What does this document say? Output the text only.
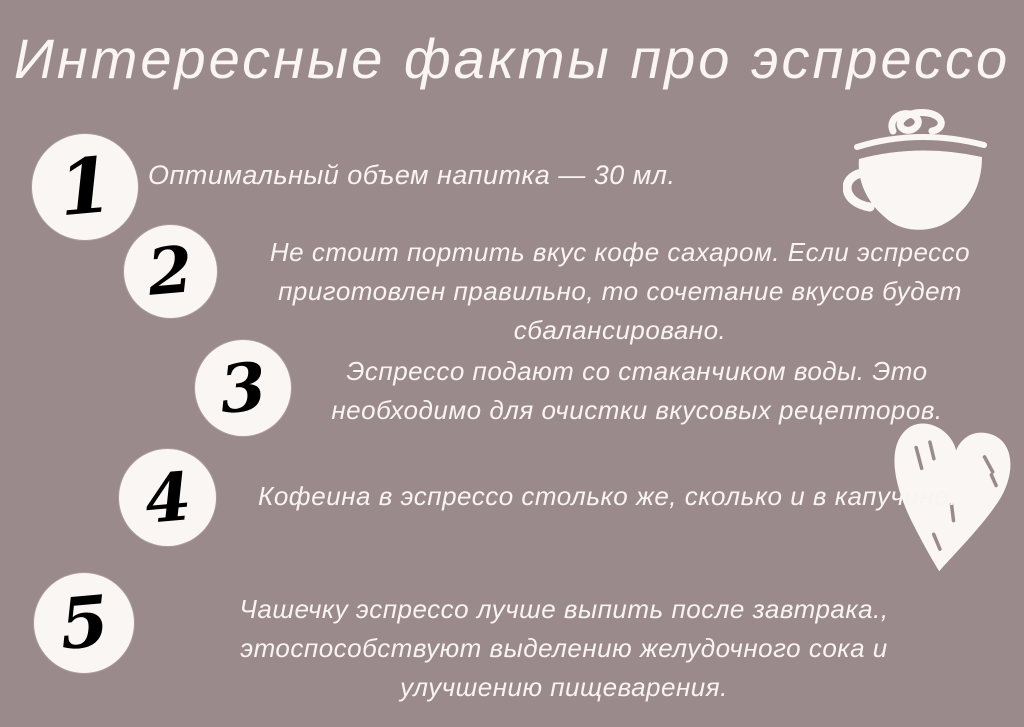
Интересные факты про эспрессо
1 Оптимальный объем напитка — 30 мл.

2	Не стоит портить вкус кофе сахаром. Если эспрессо приготовлен правильно, то сочетание вкусов будет сбалансировано.

3	Эспрессо подают со стаканчиком воды. Это необходимо для очистки вкусовых рецепторов.

4 Кофеина в эспрессо столько же, сколько и в капучино.

5	Чашечку эспрессо лучше выпить после завтрака., этоспособствуют выделению желудочного сока и улучшению пищеварения.
